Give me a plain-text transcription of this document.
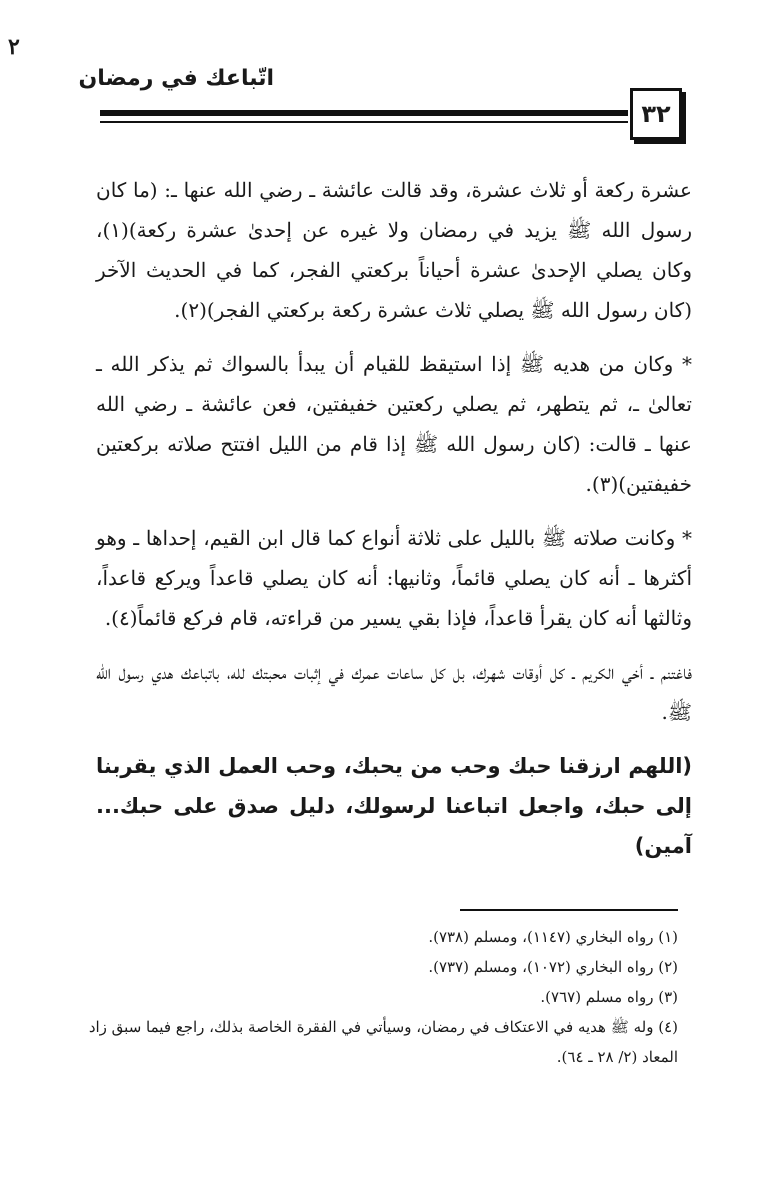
٢
اتّباعك في رمضان
٣٢

عشرة ركعة أو ثلاث عشرة، وقد قالت عائشة ـ رضي الله عنها ـ: (ما كان رسول الله ﷺ يزيد في رمضان ولا غيره عن إحدىٰ عشرة ركعة)(١)، وكان يصلي الإحدىٰ عشرة أحياناً بركعتي الفجر، كما في الحديث الآخر (كان رسول الله ﷺ يصلي ثلاث عشرة ركعة بركعتي الفجر)(٢).

* وكان من هديه ﷺ إذا استيقظ للقيام أن يبدأ بالسواك ثم يذكر الله ـ تعالىٰ ـ، ثم يتطهر، ثم يصلي ركعتين خفيفتين، فعن عائشة ـ رضي الله عنها ـ قالت: (كان رسول الله ﷺ إذا قام من الليل افتتح صلاته بركعتين خفيفتين)(٣).

* وكانت صلاته ﷺ بالليل على ثلاثة أنواع كما قال ابن القيم، إحداها ـ وهو أكثرها ـ أنه كان يصلي قائماً، وثانيها: أنه كان يصلي قاعداً ويركع قاعداً، وثالثها أنه كان يقرأ قاعداً، فإذا بقي يسير من قراءته، قام فركع قائماً(٤).

فاغتنم ـ أخي الكريم ـ كل أوقات شهرك، بل كل ساعات عمرك في إثبات محبتك لله، باتباعك هدي رسول الله ﷺ.

(اللهم ارزقنا حبك وحب من يحبك، وحب العمل الذي يقربنا إلى حبك، واجعل اتباعنا لرسولك، دليل صدق على حبك... آمين)

(١) رواه البخاري (١١٤٧)، ومسلم (٧٣٨).

(٢) رواه البخاري (١٠٧٢)، ومسلم (٧٣٧).

(٣) رواه مسلم (٧٦٧).

(٤) وله ﷺ هديه في الاعتكاف في رمضان، وسيأتي في الفقرة الخاصة بذلك، راجع فيما سبق زاد المعاد (٢/ ٢٨ ـ ٦٤).
